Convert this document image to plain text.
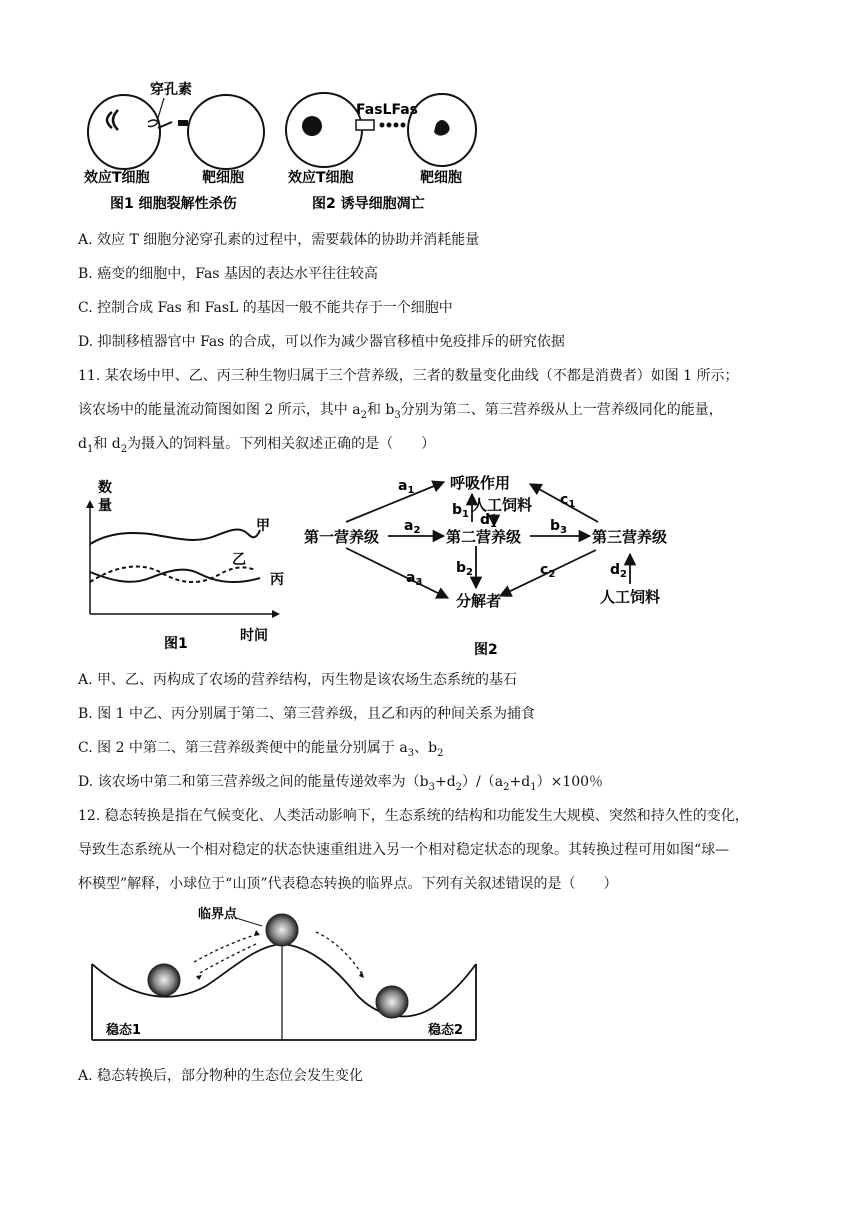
穿孔素
效应T细胞	靶细胞
FasLFas
效应T细胞	靶细胞
图1 细胞裂解性杀伤	图2 诱导细胞凋亡
A. 效应 T 细胞分泌穿孔素的过程中，需要载体的协助并消耗能量
B. 癌变的细胞中，Fas 基因的表达水平往往较高
C. 控制合成 Fas 和 FasL 的基因一般不能共存于一个细胞中
D. 抑制移植器官中 Fas 的合成，可以作为减少器官移植中免疫排斥的研究依据
11. 某农场中甲、乙、丙三种生物归属于三个营养级，三者的数量变化曲线（不都是消费者）如图 1 所示；
该农场中的能量流动简图如图 2 所示，其中 $a_2$和 $b_3$分别为第二、第三营养级从上一营养级同化的能量，
$d_1$和 $d_2$为摄入的饲料量。下列相关叙述正确的是（　　）
数
量
甲
乙
丙
时间
图1
第一营养级	第二营养级	第三营养级
呼吸作用
人工饲料
分解者	人工饲料
$a_1$
$a_2$
$a_3$
$b_1$ $d_1$
$b_2$
$b_3$
$c_1$
$c_2$	$d_2$
图2
A. 甲、乙、丙构成了农场的营养结构，丙生物是该农场生态系统的基石
B. 图 1 中乙、丙分别属于第二、第三营养级，且乙和丙的种间关系为捕食
C. 图 2 中第二、第三营养级粪便中的能量分别属于 $a_3$、$b_2$
D. 该农场中第二和第三营养级之间的能量传递效率为$(b_3+d_2)/(a_2+d_1)\times 100$％
12. 稳态转换是指在气候变化、人类活动影响下，生态系统的结构和功能发生大规模、突然和持久性的变化，
导致生态系统从一个相对稳定的状态快速重组进入另一个相对稳定状态的现象。其转换过程可用如图“球—
杯模型”解释，小球位于“山顶”代表稳态转换的临界点。下列有关叙述错误的是（　　）
临界点
稳态1	稳态2
A. 稳态转换后，部分物种的生态位会发生变化
